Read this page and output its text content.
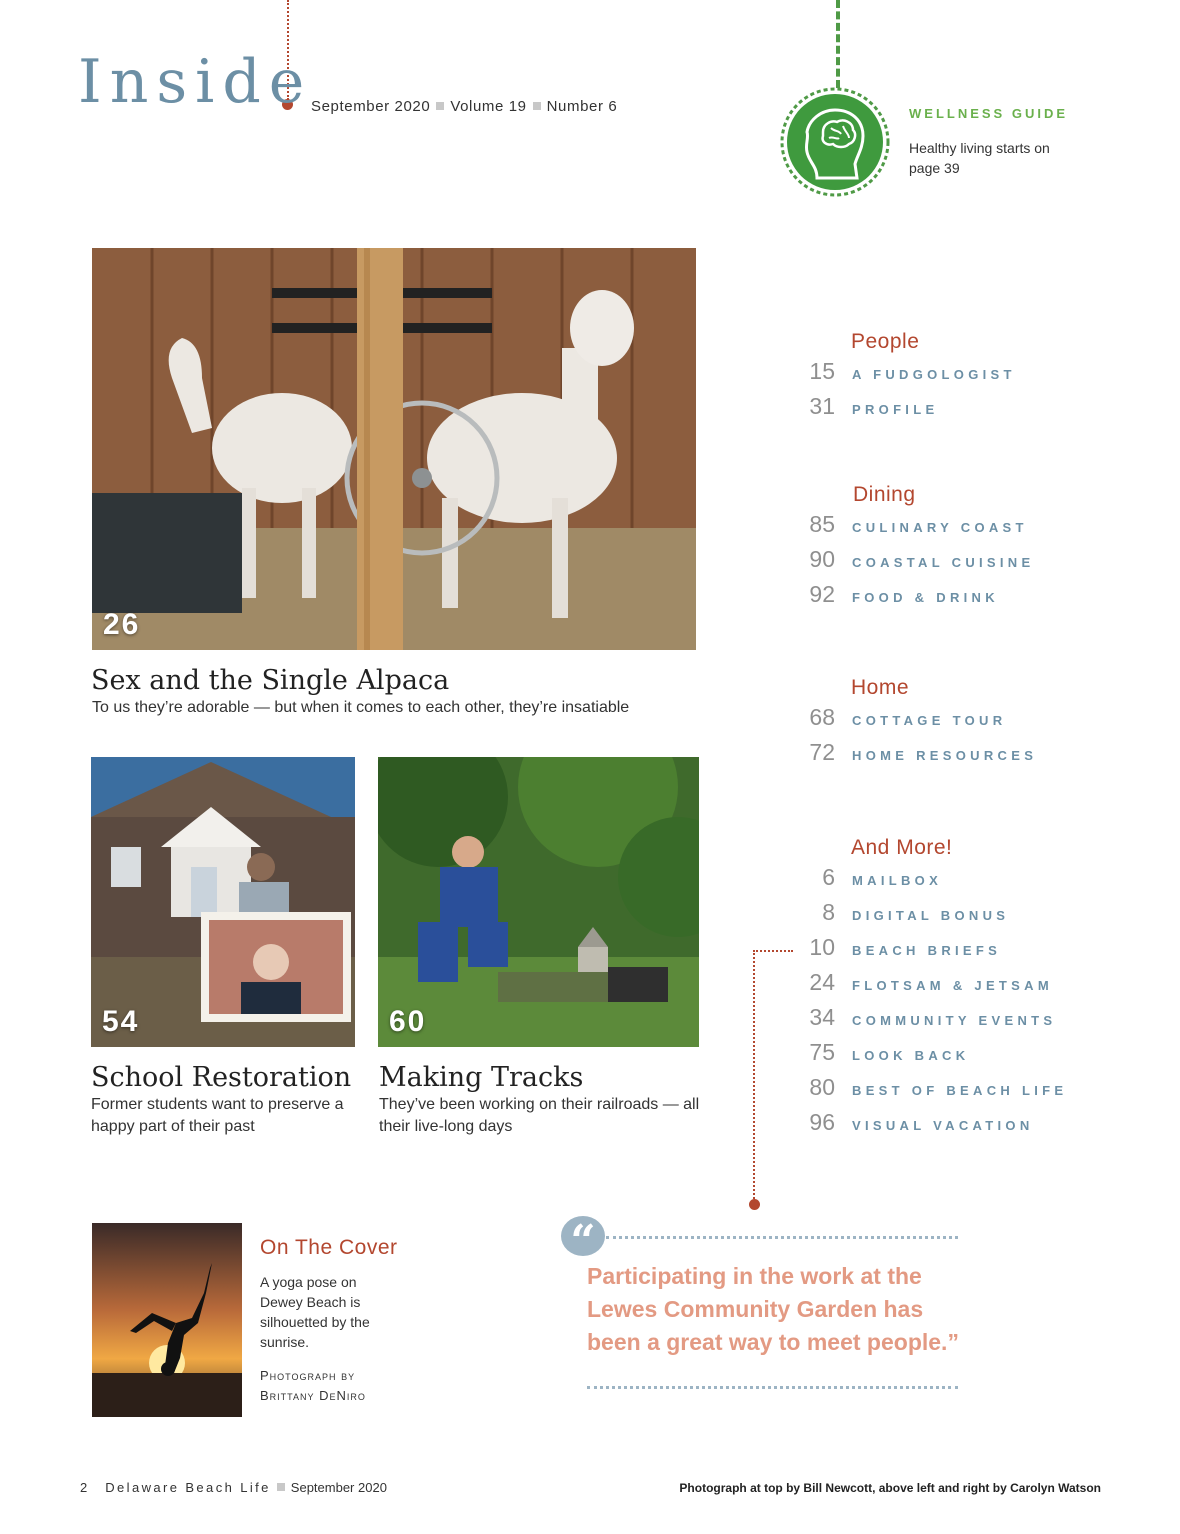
Inside
September 2020 Volume 19 Number 6	WELLNESS GUIDE
Healthy living starts on page 39
26
Sex and the Single Alpaca
To us they’re adorable — but when it comes to each other, they’re insatiable
54
School Restoration
Former students want to preserve a happy part of their past
60
Making Tracks
They’ve been working on their railroads — all their live-long days
People
15 A FUDGOLOGIST
31 PROFILE
Dining
85 CULINARY COAST
90 COASTAL CUISINE
92 FOOD & DRINK
Home
68 COTTAGE TOUR
72 HOME RESOURCES
And More!
6 MAILBOX
8 DIGITAL BONUS
10 BEACH BRIEFS
24 FLOTSAM & JETSAM
34 COMMUNITY EVENTS
75 LOOK BACK
80 BEST OF BEACH LIFE
96 VISUAL VACATION
On The Cover
A yoga pose on Dewey Beach is silhouetted by the sunrise.
Photograph by
Brittany DeNiro
“
Participating in the work at the Lewes Community Garden has been a great way to meet people.”
2 Delaware Beach Life September 2020	Photograph at top by Bill Newcott, above left and right by Carolyn Watson
